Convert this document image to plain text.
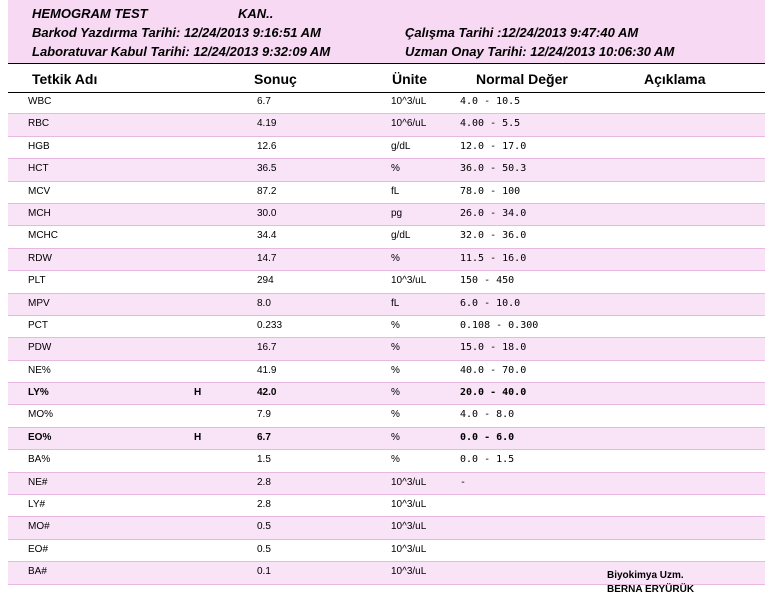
HEMOGRAM TEST	KAN..
Barkod Yazdırma Tarihi: 12/24/2013 9:16:51 AM	Çalışma Tarihi :12/24/2013 9:47:40 AM
Laboratuvar Kabul Tarihi: 12/24/2013 9:32:09 AM	Uzman Onay Tarihi: 12/24/2013 10:06:30 AM
Tetkik Adı	Sonuç	Ünite	Normal Değer	Açıklama
WBC	6.7	10^3/uL	4.0 - 10.5
RBC	4.19	10^6/uL	4.00 - 5.5
HGB	12.6	g/dL	12.0 - 17.0
HCT	36.5	%	36.0 - 50.3
MCV	87.2	fL	78.0 - 100
MCH	30.0	pg	26.0 - 34.0
MCHC	34.4	g/dL	32.0 - 36.0
RDW	14.7	%	11.5 - 16.0
PLT	294	10^3/uL	150 - 450
MPV	8.0	fL	6.0 - 10.0
PCT	0.233	%	0.108 - 0.300
PDW	16.7	%	15.0 - 18.0
NE%	41.9	%	40.0 - 70.0
LY%	H	42.0	%	20.0 - 40.0
MO%	7.9	%	4.0 - 8.0
EO%	H	6.7	%	0.0 - 6.0
BA%	1.5	%	0.0 - 1.5
NE#	2.8	10^3/uL	-
LY#	2.8	10^3/uL
MO#	0.5	10^3/uL
EO#	0.5	10^3/uL
BA#	0.1	10^3/uL	Biyokimya Uzm.
BERNA ERYÜRÜK
